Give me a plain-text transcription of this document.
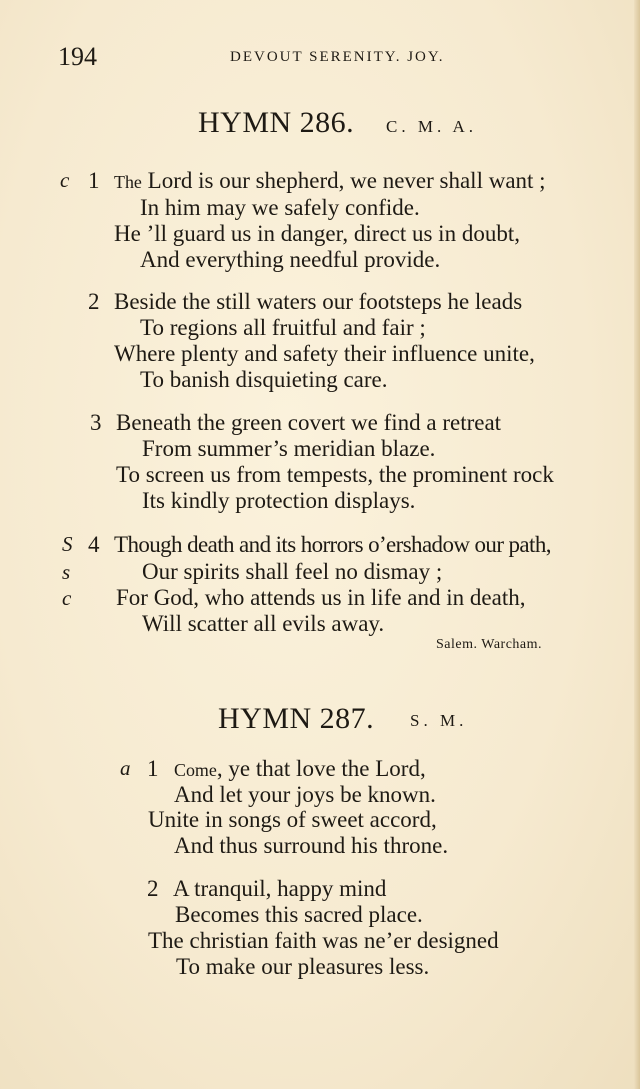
194	DEVOUT SERENITY. JOY.
HYMN 286. C. M. A.
c 1 The Lord is our shepherd, we never shall want ;
In him may we safely confide.
He ’ll guard us in danger, direct us in doubt,
And everything needful provide.
2 Beside the still waters our footsteps he leads
To regions all fruitful and fair ;
Where plenty and safety their influence unite,
To banish disquieting care.
3 Beneath the green covert we find a retreat
From summer’s meridian blaze.
To screen us from tempests, the prominent rock
Its kindly protection displays.
S
s
c
4 Though death and its horrors o’ershadow our path,
Our spirits shall feel no dismay ;
For God, who attends us in life and in death,
Will scatter all evils away.
Salem. Warcham.
HYMN 287. S. M.
a 1 Come, ye that love the Lord,
And let your joys be known.
Unite in songs of sweet accord,
And thus surround his throne.
2 A tranquil, happy mind
Becomes this sacred place.
The christian faith was ne’er designed
To make our pleasures less.
